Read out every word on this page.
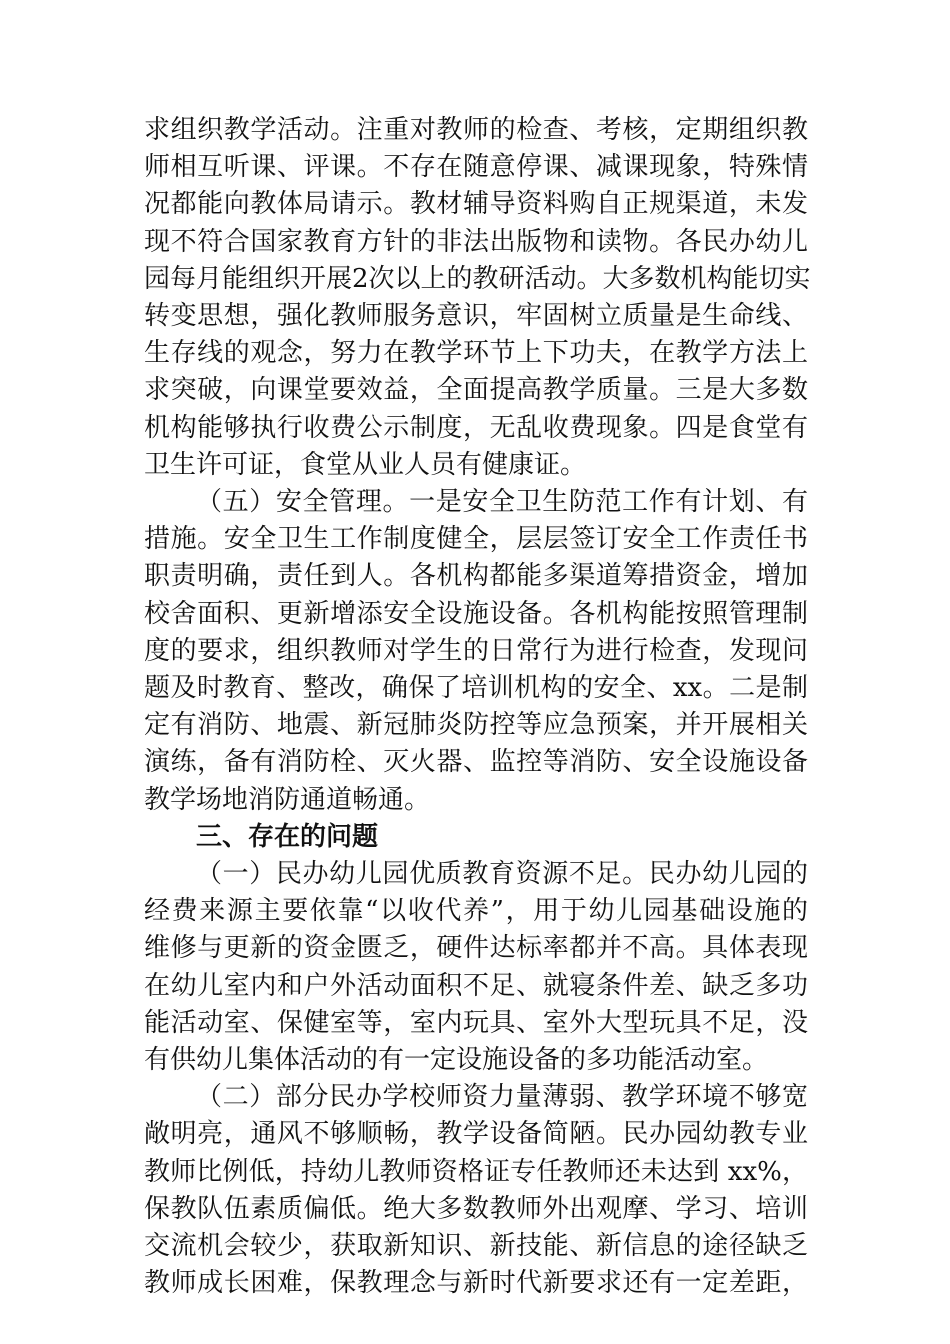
求组织教学活动。注重对教师的检查、考核，定期组织教
师相互听课、评课。不存在随意停课、减课现象，特殊情
况都能向教体局请示。教材辅导资料购自正规渠道，未发
现不符合国家教育方针的非法出版物和读物。各民办幼儿
园每月能组织开展2次以上的教研活动。大多数机构能切实
转变思想，强化教师服务意识，牢固树立质量是生命线、
生存线的观念，努力在教学环节上下功夫，在教学方法上
求突破，向课堂要效益，全面提高教学质量。三是大多数
机构能够执行收费公示制度，无乱收费现象。四是食堂有
卫生许可证，食堂从业人员有健康证。

（五）安全管理。一是安全卫生防范工作有计划、有
措施。安全卫生工作制度健全，层层签订安全工作责任书
职责明确，责任到人。各机构都能多渠道筹措资金，增加
校舍面积、更新增添安全设施设备。各机构能按照管理制
度的要求，组织教师对学生的日常行为进行检查，发现问
题及时教育、整改，确保了培训机构的安全、xx。二是制
定有消防、地震、新冠肺炎防控等应急预案，并开展相关
演练，备有消防栓、灭火器、监控等消防、安全设施设备
教学场地消防通道畅通。

三、存在的问题

（一）民办幼儿园优质教育资源不足。民办幼儿园的
经费来源主要依靠“以收代养”，用于幼儿园基础设施的
维修与更新的资金匮乏，硬件达标率都并不高。具体表现
在幼儿室内和户外活动面积不足、就寝条件差、缺乏多功
能活动室、保健室等，室内玩具、室外大型玩具不足，没
有供幼儿集体活动的有一定设施设备的多功能活动室。

（二）部分民办学校师资力量薄弱、教学环境不够宽
敞明亮，通风不够顺畅，教学设备简陋。民办园幼教专业
教师比例低，持幼儿教师资格证专任教师还未达到 xx%，
保教队伍素质偏低。绝大多数教师外出观摩、学习、培训
交流机会较少，获取新知识、新技能、新信息的途径缺乏
教师成长困难，保教理念与新时代新要求还有一定差距，
